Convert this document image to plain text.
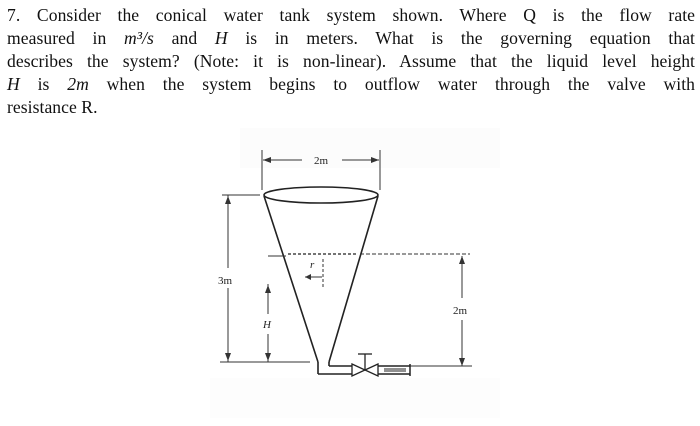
7. Consider the conical water tank system shown. Where Q is the flow rate
measured in m³/s and H is in meters. What is the governing equation that
describes the system? (Note: it is non-linear). Assume that the liquid level height
H is 2m when the system begins to outflow water through the valve with
resistance R.
2m
r
3m
H
2m
